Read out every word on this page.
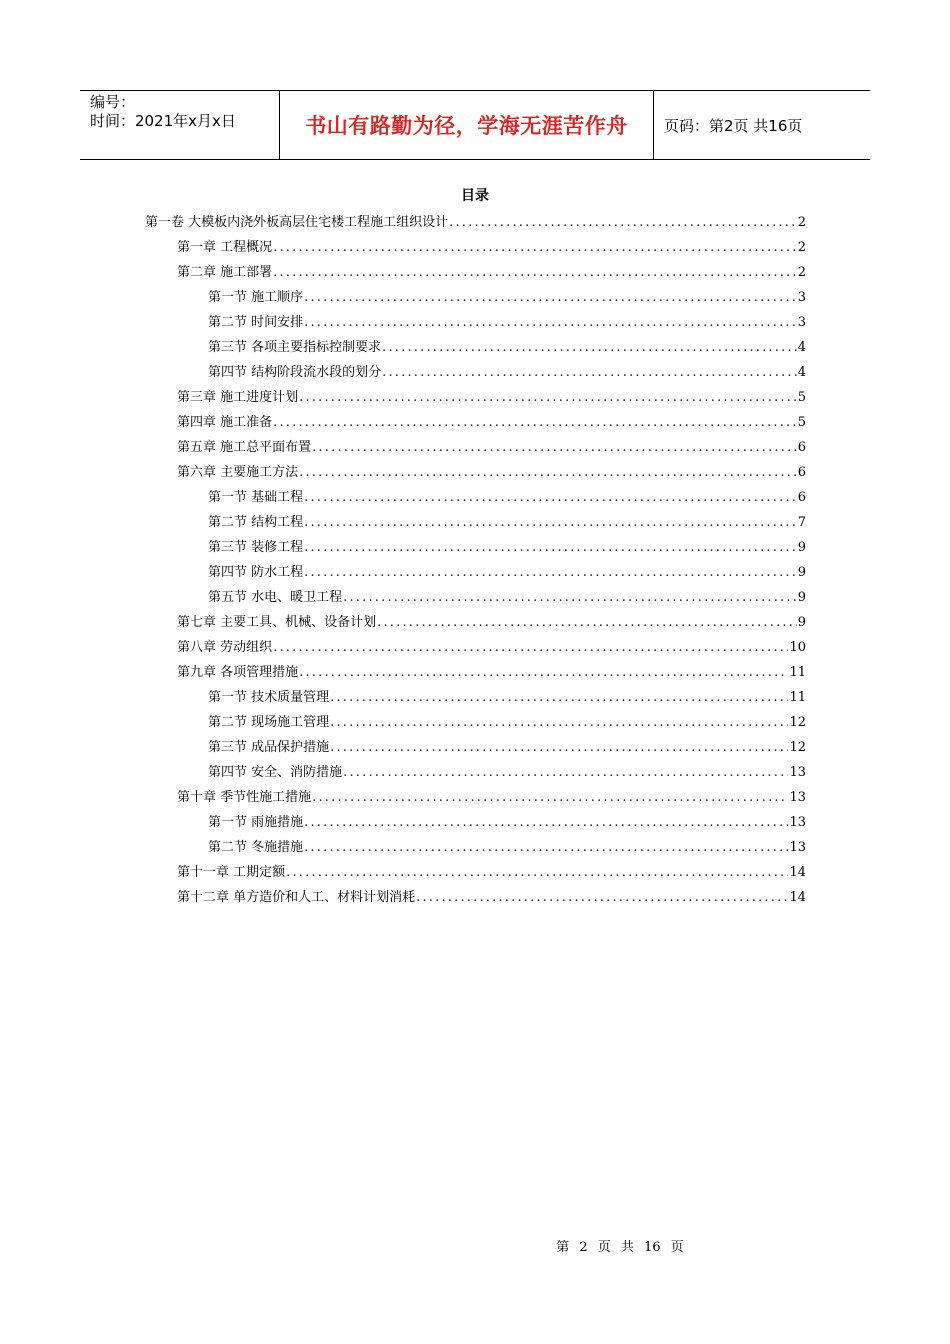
编号：
时间：2021年x月x日	书山有路勤为径，学海无涯苦作舟	页码：第2页 共16页
目录
第一卷 大模板内浇外板高层住宅楼工程施工组织设计 .....	2
第一章 工程概况 .....	2
第二章 施工部署 .....	2
第一节 施工顺序 .....	3
第二节 时间安排 .....	3
第三节 各项主要指标控制要求 .....	4
第四节 结构阶段流水段的划分 .....	4
第三章 施工进度计划 .....	5
第四章 施工准备 .....	5
第五章 施工总平面布置 .....	6
第六章 主要施工方法 .....	6
第一节 基础工程 .....	6
第二节 结构工程 .....	7
第三节 装修工程 .....	9
第四节 防水工程 .....	9
第五节 水电、暖卫工程 .....	9
第七章 主要工具、机械、设备计划 .....	9
第八章 劳动组织 .....	10
第九章 各项管理措施 .....	11
第一节 技术质量管理 .....	11
第二节 现场施工管理 .....	12
第三节 成品保护措施 .....	12
第四节 安全、消防措施 .....	13
第十章 季节性施工措施 .....	13
第一节 雨施措施 .....	13
第二节 冬施措施 .....	13
第十一章 工期定额 .....	14
第十二章 单方造价和人工、材料计划消耗 .....	14
第 2 页 共 16 页
